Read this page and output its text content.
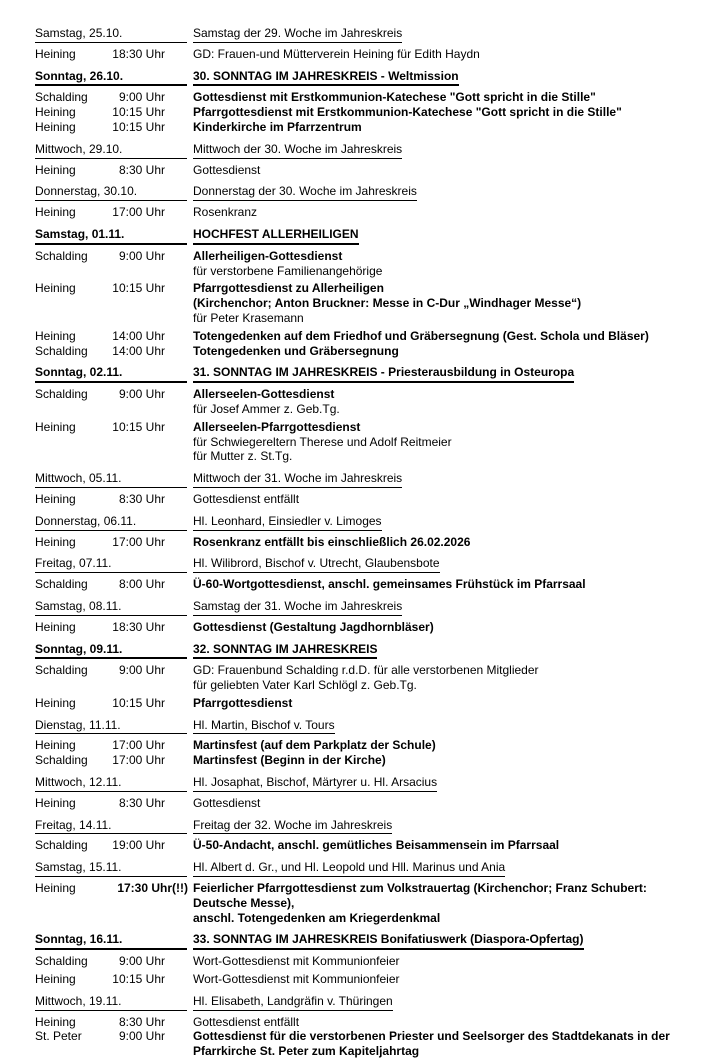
Samstag, 25.10.	Samstag der 29. Woche im Jahreskreis
Heining	18:30 Uhr	GD: Frauen-und Mütterverein Heining für Edith Haydn
Sonntag, 26.10.	30. SONNTAG IM JAHRESKREIS - Weltmission
Schalding	9:00 Uhr	Gottesdienst mit Erstkommunion-Katechese "Gott spricht in die Stille"
Heining	10:15 Uhr	Pfarrgottesdienst mit Erstkommunion-Katechese "Gott spricht in die Stille"
Heining	10:15 Uhr	Kinderkirche im Pfarrzentrum
Mittwoch, 29.10.	Mittwoch der 30. Woche im Jahreskreis
Heining	8:30 Uhr	Gottesdienst
Donnerstag, 30.10.	Donnerstag der 30. Woche im Jahreskreis
Heining	17:00 Uhr	Rosenkranz
Samstag, 01.11.	HOCHFEST ALLERHEILIGEN
Schalding	9:00 Uhr	Allerheiligen-Gottesdienst
für verstorbene Familienangehörige
Heining	10:15 Uhr	Pfarrgottesdienst zu Allerheiligen
(Kirchenchor; Anton Bruckner: Messe in C-Dur „Windhager Messe“)
für Peter Krasemann
Heining	14:00 Uhr	Totengedenken auf dem Friedhof und Gräbersegnung (Gest. Schola und Bläser)
Schalding	14:00 Uhr	Totengedenken und Gräbersegnung
Sonntag, 02.11.	31. SONNTAG IM JAHRESKREIS - Priesterausbildung in Osteuropa
Schalding	9:00 Uhr	Allerseelen-Gottesdienst
für Josef Ammer z. Geb.Tg.
Heining	10:15 Uhr	Allerseelen-Pfarrgottesdienst
für Schwiegereltern Therese und Adolf Reitmeier
für Mutter z. St.Tg.
Mittwoch, 05.11.	Mittwoch der 31. Woche im Jahreskreis
Heining	8:30 Uhr	Gottesdienst entfällt
Donnerstag, 06.11.	Hl. Leonhard, Einsiedler v. Limoges
Heining	17:00 Uhr	Rosenkranz entfällt bis einschließlich 26.02.2026
Freitag, 07.11.	Hl. Wilibrord, Bischof v. Utrecht, Glaubensbote
Schalding	8:00 Uhr	Ü-60-Wortgottesdienst, anschl. gemeinsames Frühstück im Pfarrsaal
Samstag, 08.11.	Samstag der 31. Woche im Jahreskreis
Heining	18:30 Uhr	Gottesdienst (Gestaltung Jagdhornbläser)
Sonntag, 09.11.	32. SONNTAG IM JAHRESKREIS
Schalding	9:00 Uhr	GD: Frauenbund Schalding r.d.D. für alle verstorbenen Mitglieder
für geliebten Vater Karl Schlögl z. Geb.Tg.
Heining	10:15 Uhr	Pfarrgottesdienst
Dienstag, 11.11.	Hl. Martin, Bischof v. Tours
Heining	17:00 Uhr	Martinsfest (auf dem Parkplatz der Schule)
Schalding	17:00 Uhr	Martinsfest (Beginn in der Kirche)
Mittwoch, 12.11.	Hl. Josaphat, Bischof, Märtyrer u. Hl. Arsacius
Heining	8:30 Uhr	Gottesdienst
Freitag, 14.11.	Freitag der 32. Woche im Jahreskreis
Schalding	19:00 Uhr	Ü-50-Andacht, anschl. gemütliches Beisammensein im Pfarrsaal
Samstag, 15.11.	Hl. Albert d. Gr., und Hl. Leopold und Hll. Marinus und Ania
Heining	17:30 Uhr(!!) Feierlicher Pfarrgottesdienst zum Volkstrauertag (Kirchenchor; Franz Schubert:
Deutsche Messe),
anschl. Totengedenken am Kriegerdenkmal
Sonntag, 16.11.	33. SONNTAG IM JAHRESKREIS Bonifatiuswerk (Diaspora-Opfertag)
Schalding	9:00 Uhr	Wort-Gottesdienst mit Kommunionfeier
Heining	10:15 Uhr	Wort-Gottesdienst mit Kommunionfeier
Mittwoch, 19.11.	Hl. Elisabeth, Landgräfin v. Thüringen
Heining	8:30 Uhr	Gottesdienst entfällt
St. Peter	9:00 Uhr	Gottesdienst für die verstorbenen Priester und Seelsorger des Stadtdekanats in der
Pfarrkirche St. Peter zum Kapiteljahrtag
